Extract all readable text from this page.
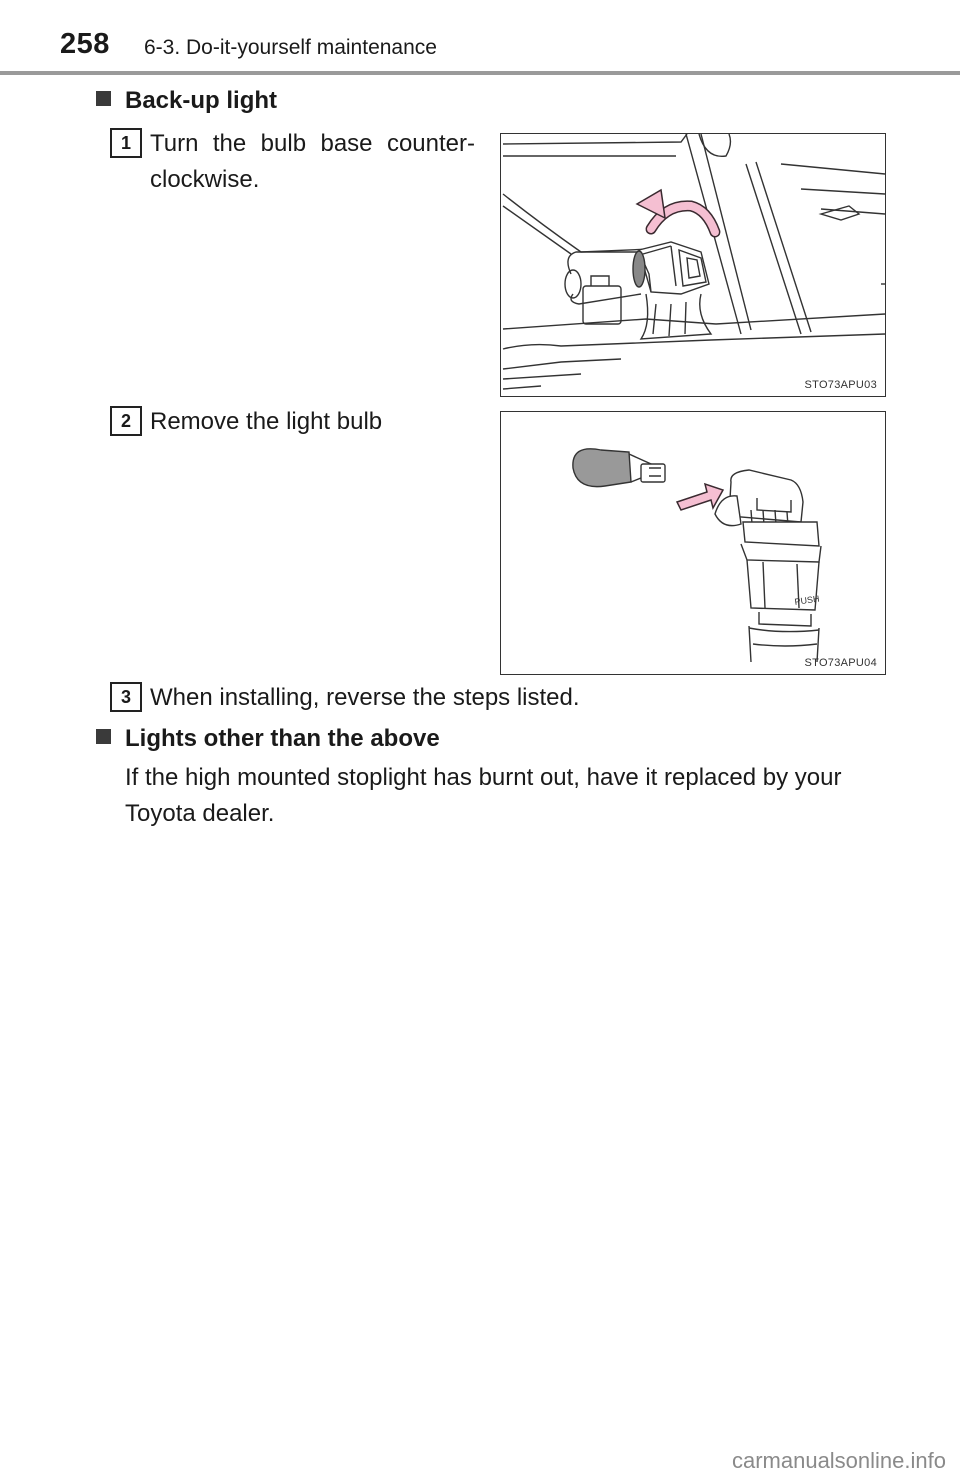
258 6-3. Do-it-yourself maintenance
Back-up light
1 Turn the bulb base counter-clockwise.
STO73APU03
2 Remove the light bulb
PUSH
STO73APU04
3 When installing, reverse the steps listed.
Lights other than the above
If the high mounted stoplight has burnt out, have it replaced by your Toyota dealer.
carmanualsonline.info
